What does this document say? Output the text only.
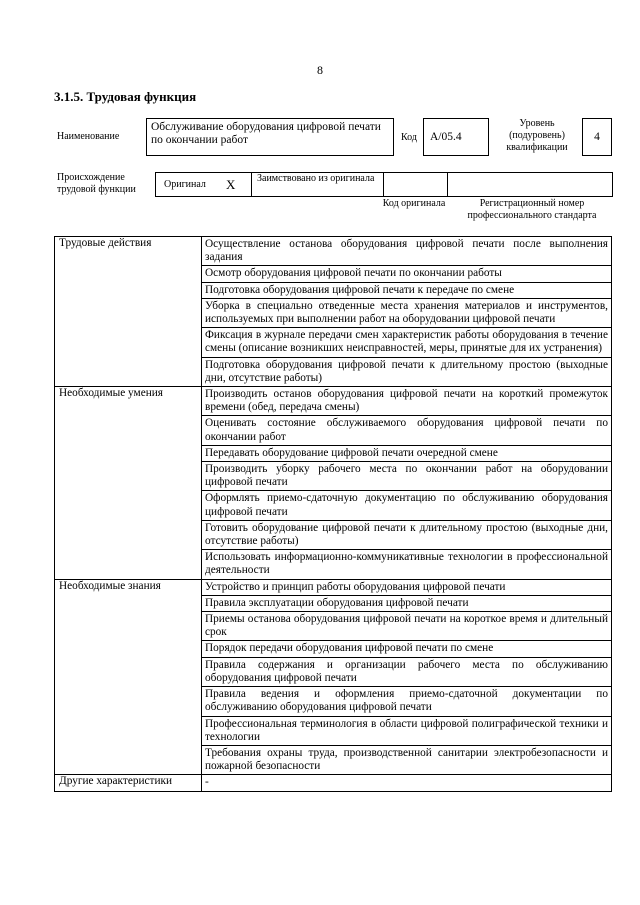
8
3.1.5. Трудовая функция
Наименование
Обслуживание оборудования цифровой печати по окончании работ	Код	А/05.4
Уровень (подуровень) квалификации
4
Происхождение трудовой функции	Оригинал X Заимствовано из оригинала
Код оригинала	Регистрационный номер профессионального стандарта
Трудовые действия	Осуществление останова оборудования цифровой печати после выполнения задания
	Осмотр оборудования цифровой печати по окончании работы
	Подготовка оборудования цифровой печати к передаче по смене
	Уборка в специально отведенные места хранения материалов и инструментов, используемых при выполнении работ на оборудовании цифровой печати
	Фиксация в журнале передачи смен характеристик работы оборудования в течение смены (описание возникших неисправностей, меры, принятые для их устранения)
	Подготовка оборудования цифровой печати к длительному простою (выходные дни, отсутствие работы)
Необходимые умения	Производить останов оборудования цифровой печати на короткий промежуток времени (обед, передача смены)
	Оценивать состояние обслуживаемого оборудования цифровой печати по окончании работ
	Передавать оборудование цифровой печати очередной смене
	Производить уборку рабочего места по окончании работ на оборудовании цифровой печати
	Оформлять приемо-сдаточную документацию по обслуживанию оборудования цифровой печати
	Готовить оборудование цифровой печати к длительному простою (выходные дни, отсутствие работы)
	Использовать информационно-коммуникативные технологии в профессиональной деятельности
Необходимые знания	Устройство и принцип работы оборудования цифровой печати
	Правила эксплуатации оборудования цифровой печати
	Приемы останова оборудования цифровой печати на короткое время и длительный срок
	Порядок передачи оборудования цифровой печати по смене
	Правила содержания и организации рабочего места по обслуживанию оборудования цифровой печати
	Правила ведения и оформления приемо-сдаточной документации по обслуживанию оборудования цифровой печати
	Профессиональная терминология в области цифровой полиграфической техники и технологии
	Требования охраны труда, производственной санитарии электробезопасности и пожарной безопасности
Другие характеристики	-
